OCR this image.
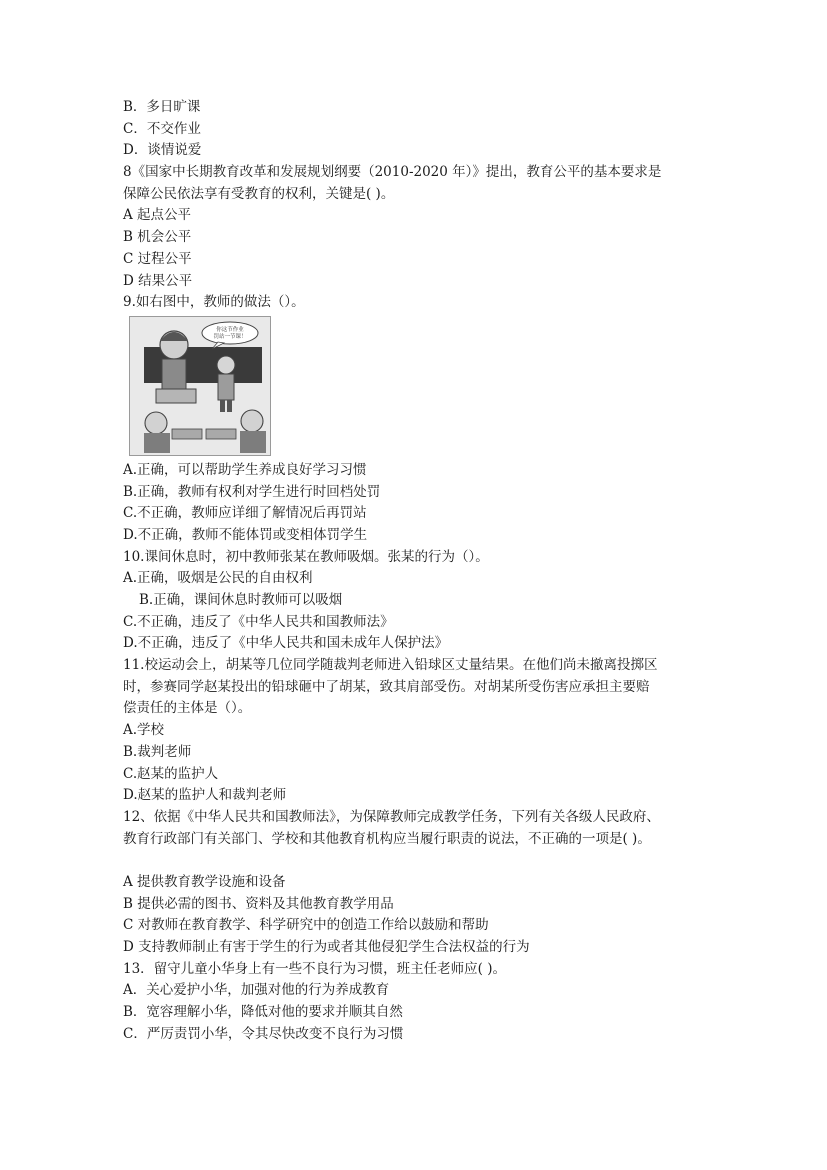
B．多日旷课
C．不交作业
D．谈情说爱
8《国家中长期教育改革和发展规划纲要（2010-2020 年）》提出，教育公平的基本要求是
保障公民依法享有受教育的权利，关键是( )。
A 起点公平
B 机会公平
C 过程公平
D 结果公平
9.如右图中，教师的做法（）。
你这节作业
罚站一节课！
A.正确，可以帮助学生养成良好学习习惯
B.正确，教师有权利对学生进行时回档处罚
C.不正确，教师应详细了解情况后再罚站
D.不正确，教师不能体罚或变相体罚学生
10.课间休息时，初中教师张某在教师吸烟。张某的行为（）。
A.正确，吸烟是公民的自由权利
B.正确，课间休息时教师可以吸烟
C.不正确，违反了《中华人民共和国教师法》
D.不正确，违反了《中华人民共和国未成年人保护法》
11.校运动会上，胡某等几位同学随裁判老师进入铅球区丈量结果。在他们尚未撤离投掷区
时，参赛同学赵某投出的铅球砸中了胡某，致其肩部受伤。对胡某所受伤害应承担主要赔
偿责任的主体是（）。
A.学校
B.裁判老师
C.赵某的监护人
D.赵某的监护人和裁判老师
12、依据《中华人民共和国教师法》，为保障教师完成教学任务，下列有关各级人民政府、
教育行政部门有关部门、学校和其他教育机构应当履行职责的说法，不正确的一项是( )。
A 提供教育教学设施和设备
B 提供必需的图书、资料及其他教育教学用品
C 对教师在教育教学、科学研究中的创造工作给以鼓励和帮助
D 支持教师制止有害于学生的行为或者其他侵犯学生合法权益的行为
13．留守儿童小华身上有一些不良行为习惯，班主任老师应( )。
A．关心爱护小华，加强对他的行为养成教育
B．宽容理解小华，降低对他的要求并顺其自然
C．严厉责罚小华，令其尽快改变不良行为习惯
